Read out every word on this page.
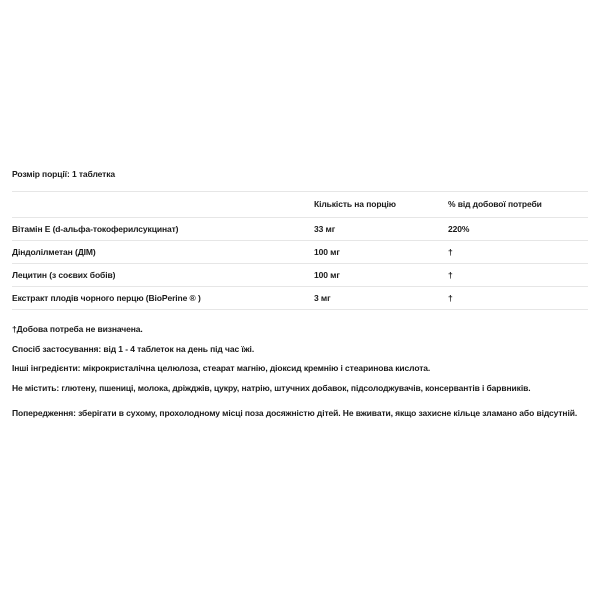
Розмір порції: 1 таблетка
	Кількість на порцію	% від добової потреби
Вітамін Е (d-альфа-токоферилсукцинат)	33 мг	220%
Діндолілметан (ДІМ)	100 мг	†
Лецитин (з соєвих бобів)	100 мг	†
Екстракт плодів чорного перцю (BioPerine ® )	3 мг	†

†Добова потреба не визначена.

Спосіб застосування: від 1 - 4 таблеток на день під час їжі.

Інші інгредієнти: мікрокристалічна целюлоза, стеарат магнію, діоксид кремнію і стеаринова кислота.

Не містить: глютену, пшениці, молока, дріжджів, цукру, натрію, штучних добавок, підсолоджувачів, консервантів і барвників.

Попередження: зберігати в сухому, прохолодному місці поза досяжністю дітей. Не вживати, якщо захисне кільце зламано або відсутній.
